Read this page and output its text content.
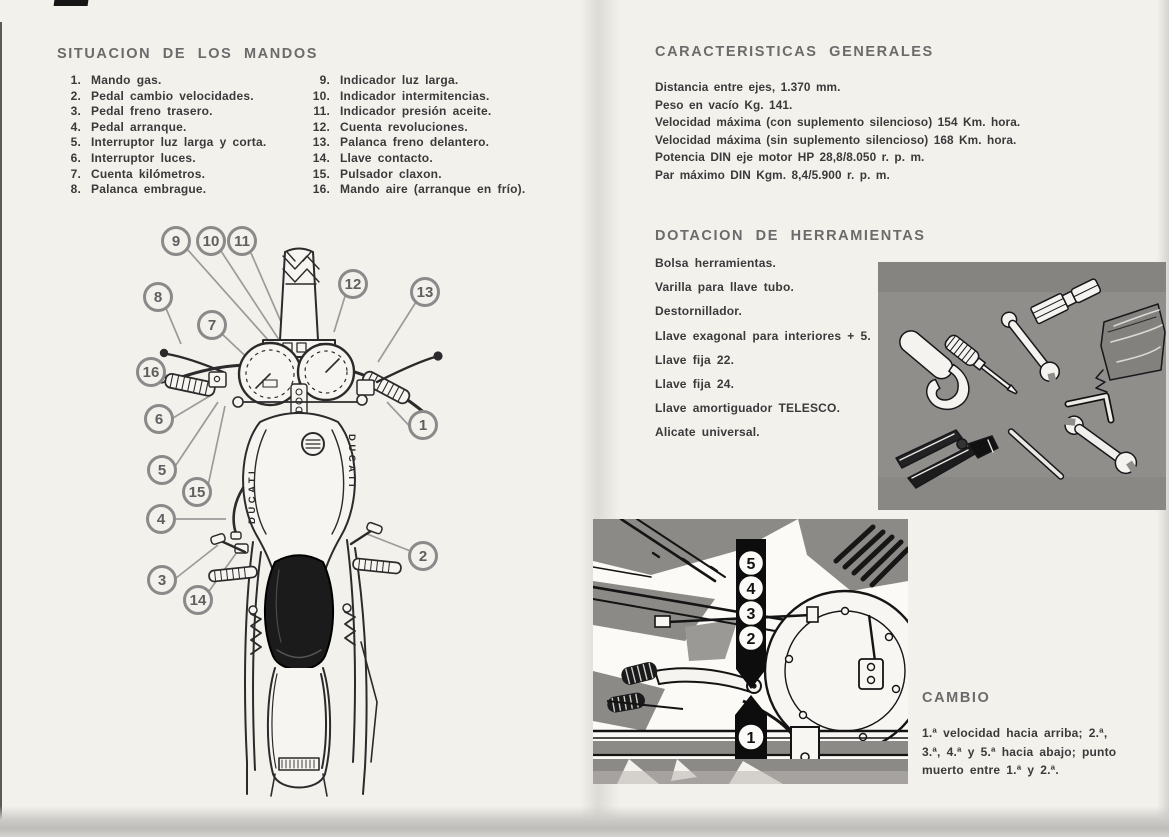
SITUACION DE LOS MANDOS
1. Mando gas.
2. Pedal cambio velocidades.
3. Pedal freno trasero.
4. Pedal arranque.
5. Interruptor luz larga y corta.
6. Interruptor luces.
7. Cuenta kilómetros.
8. Palanca embrague.
9. Indicador luz larga.
10. Indicador intermitencias.
11. Indicador presión aceite.
12. Cuenta revoluciones.
13. Palanca freno delantero.
14. Llave contacto.
15. Pulsador claxon.
16. Mando aire (arranque en frío).
DUCATI
DUCATI
9 10 11
12	13
8
7
16
6
5
15
4
3
14
1
2
CARACTERISTICAS GENERALES
Distancia entre ejes, 1.370 mm.
Peso en vacío Kg. 141.
Velocidad máxima (con suplemento silencioso) 154 Km. hora.
Velocidad máxima (sin suplemento silencioso) 168 Km. hora.
Potencia DIN eje motor HP 28,8/8.050 r. p. m.
Par máximo DIN Kgm. 8,4/5.900 r. p. m.
DOTACION DE HERRAMIENTAS
Bolsa herramientas.
Varilla para llave tubo.
Destornillador.
Llave exagonal para interiores + 5.
Llave fija 22.
Llave fija 24.
Llave amortiguador TELESCO.
Alicate universal.
5
4
3
2
1
CAMBIO
1.ª velocidad hacia arriba; 2.ª,
3.ª, 4.ª y 5.ª hacia abajo; punto
muerto entre 1.ª y 2.ª.
